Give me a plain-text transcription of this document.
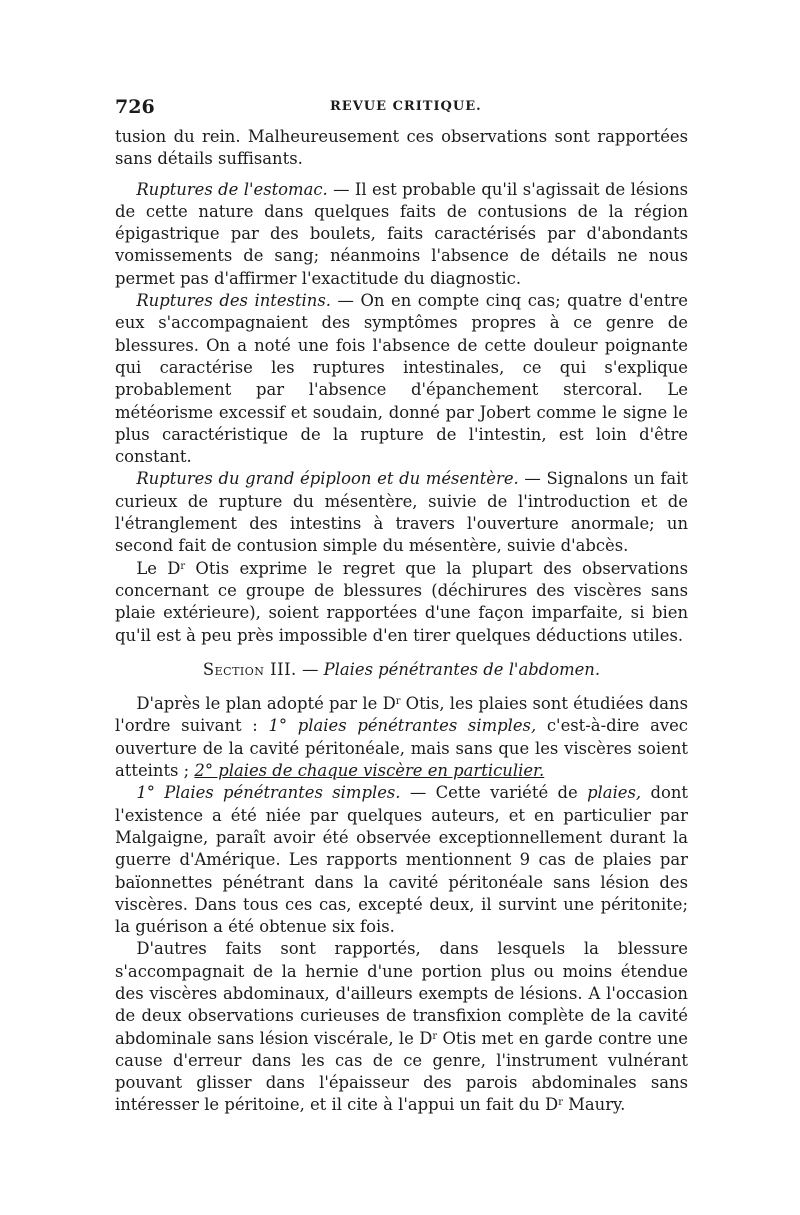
726	REVUE CRITIQUE.

tusion du rein. Malheureusement ces observations sont rapportées sans détails suffisants.

Ruptures de l'estomac. — Il est probable qu'il s'agissait de lésions de cette nature dans quelques faits de contusions de la région épigastrique par des boulets, faits caractérisés par d'abondants vomissements de sang; néanmoins l'absence de détails ne nous permet pas d'affirmer l'exactitude du diagnostic.

Ruptures des intestins. — On en compte cinq cas; quatre d'entre eux s'accompagnaient des symptômes propres à ce genre de blessures. On a noté une fois l'absence de cette douleur poignante qui caractérise les ruptures intestinales, ce qui s'explique probablement par l'absence d'épanchement stercoral. Le météorisme excessif et soudain, donné par Jobert comme le signe le plus caractéristique de la rupture de l'intestin, est loin d'être constant.

Ruptures du grand épiploon et du mésentère. — Signalons un fait curieux de rupture du mésentère, suivie de l'introduction et de l'étranglement des intestins à travers l'ouverture anormale; un second fait de contusion simple du mésentère, suivie d'abcès.

Le $D^r$ Otis exprime le regret que la plupart des observations concernant ce groupe de blessures (déchirures des viscères sans plaie extérieure), soient rapportées d'une façon imparfaite, si bien qu'il est à peu près impossible d'en tirer quelques déductions utiles.

Section III. — Plaies pénétrantes de l'abdomen.

D'après le plan adopté par le $D^r$ Otis, les plaies sont étudiées dans l'ordre suivant : 1° plaies pénétrantes simples, c'est-à-dire avec ouverture de la cavité péritonéale, mais sans que les viscères soient atteints ; 2° plaies de chaque viscère en particulier.

1° Plaies pénétrantes simples. — Cette variété de plaies, dont l'existence a été niée par quelques auteurs, et en particulier par Malgaigne, paraît avoir été observée exceptionnellement durant la guerre d'Amérique. Les rapports mentionnent 9 cas de plaies par baïonnettes pénétrant dans la cavité péritonéale sans lésion des viscères. Dans tous ces cas, excepté deux, il survint une péritonite; la guérison a été obtenue six fois.

D'autres faits sont rapportés, dans lesquels la blessure s'accompagnait de la hernie d'une portion plus ou moins étendue des viscères abdominaux, d'ailleurs exempts de lésions. A l'occasion de deux observations curieuses de transfixion complète de la cavité abdominale sans lésion viscérale, le $D^r$ Otis met en garde contre une cause d'erreur dans les cas de ce genre, l'instrument vulnérant pouvant glisser dans l'épaisseur des parois abdominales sans intéresser le péritoine, et il cite à l'appui un fait du $D^r$ Maury.
